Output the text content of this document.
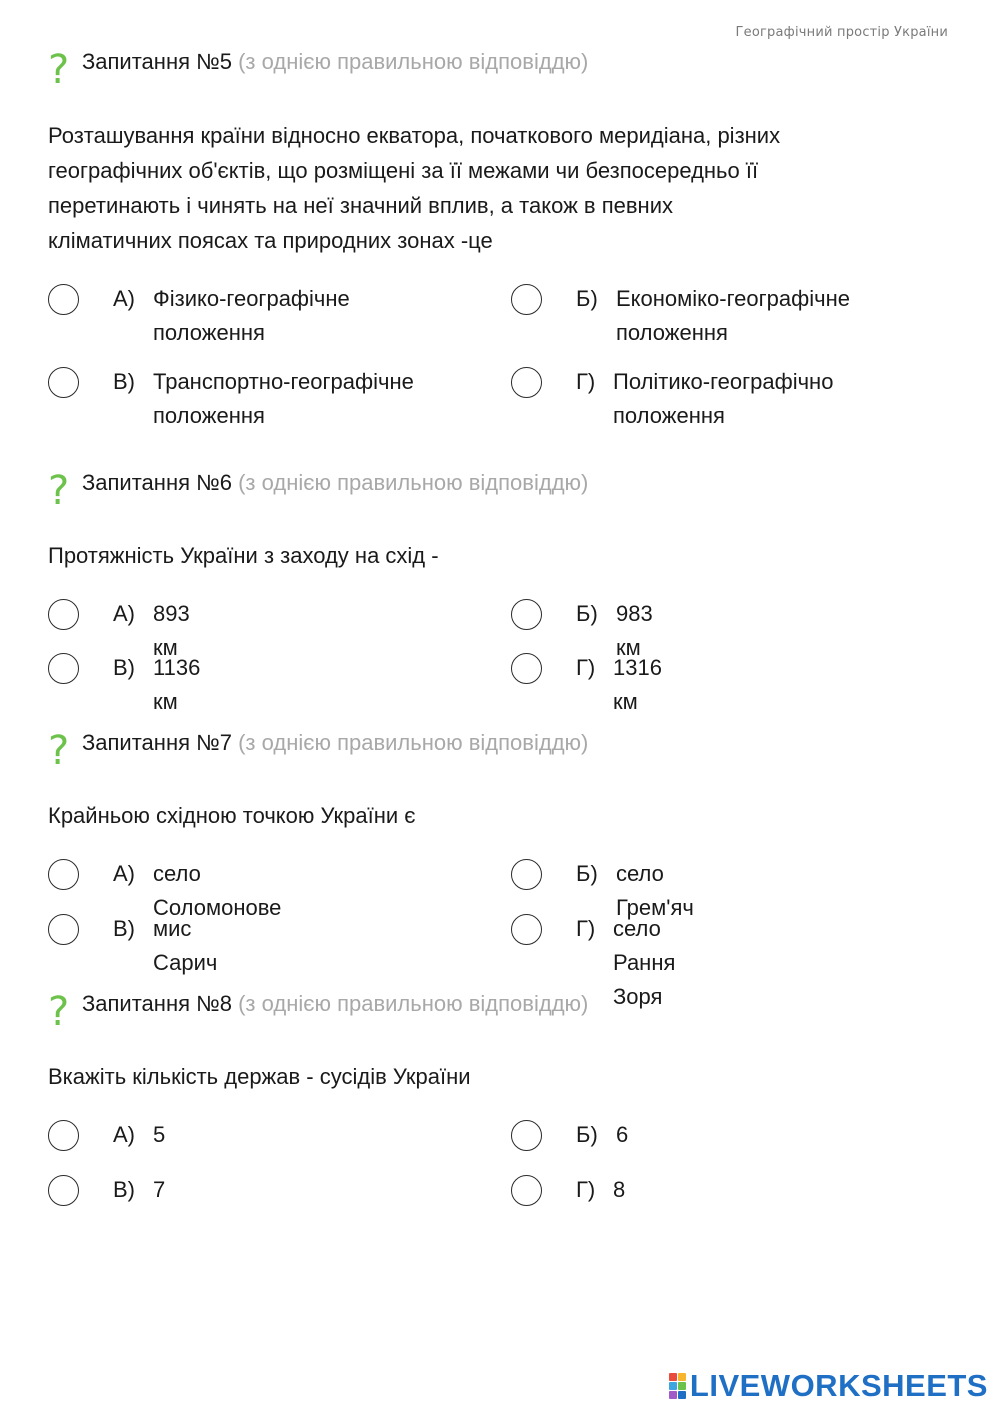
Географічний простір України
? Запитання №5 (з однією правильною відповіддю)
Розташування країни відносно екватора, початкового меридіана, різних
географічних об'єктів, що розміщені за її межами чи безпосередньо її
перетинають і чинять на неї значний вплив, а також в певних
кліматичних поясах та природних зонах -це
А) Фізико-географічне
положення
Б) Економіко-географічне
положення
В) Транспортно-географічне
положення
Г) Політико-географічно
положення
? Запитання №6 (з однією правильною відповіддю)
Протяжність України з заходу на схід -
А) 893 км
Б) 983 км
В) 1136 км
Г) 1316 км
? Запитання №7 (з однією правильною відповіддю)
Крайньою східною точкою України є
А) село Соломонове
Б) село Грем'яч
В) мис Сарич
Г) село Рання Зоря
? Запитання №8 (з однією правильною відповіддю)
Вкажіть кількість держав - сусідів України
А) 5	Б) 6
В) 7	Г) 8
LIVEWORKSHEETS
